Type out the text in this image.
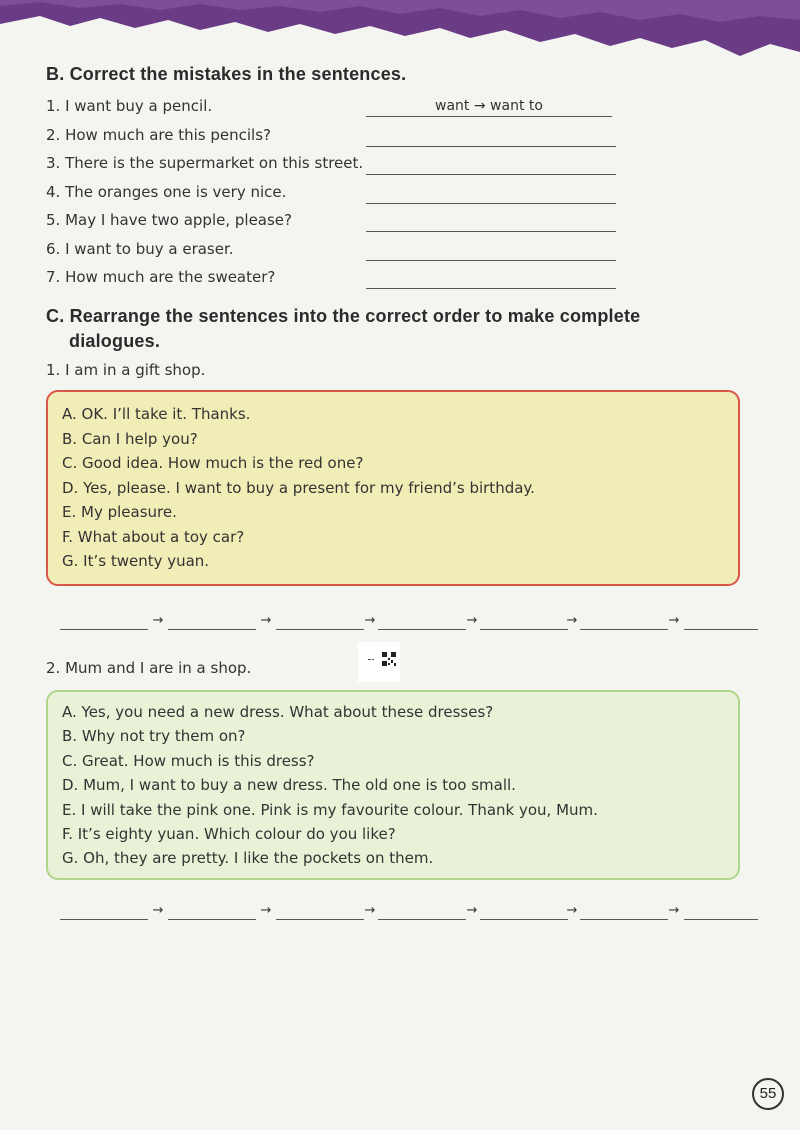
B. Correct the mistakes in the sentences.
1. I want buy a pencil.	want → want to
2. How much are this pencils?
3. There is the supermarket on this street.
4. The oranges one is very nice.
5. May I have two apple, please?
6. I want to buy a eraser.
7. How much are the sweater?
C. Rearrange the sentences into the correct order to make complete
dialogues.
1. I am in a gift shop.
A. OK. I’ll take it. Thanks.
B. Can I help you?
C. Good idea. How much is the red one?
D. Yes, please. I want to buy a present for my friend’s birthday.
E. My pleasure.
F. What about a toy car?
G. It’s twenty yuan.
→	→	→	→	→	→
2. Mum and I are in a shop.
A. Yes, you need a new dress. What about these dresses?
B. Why not try them on?
C. Great. How much is this dress?
D. Mum, I want to buy a new dress. The old one is too small.
E. I will take the pink one. Pink is my favourite colour. Thank you, Mum.
F. It’s eighty yuan. Which colour do you like?
G. Oh, they are pretty. I like the pockets on them.
→	→	→	→	→	→
55
